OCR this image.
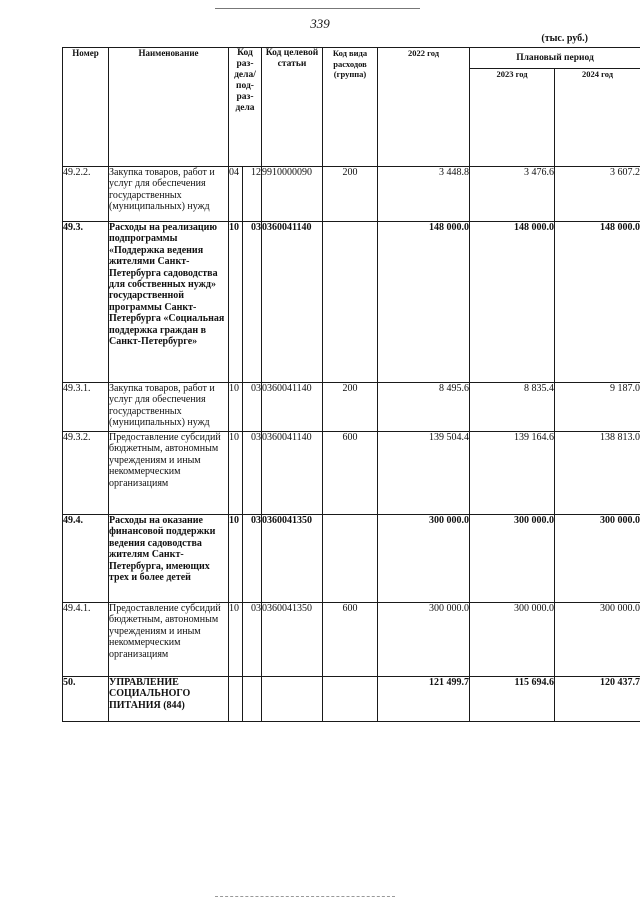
339
(тыс. руб.)
Номер	Наименование	Код раз-дела/ под-раз-дела		Код целевой статьи	Код вида расходов (группа)	2022 год	Плановый период	
							2023 год	2024 год
49.2.2.	Закупка товаров, работ и услуг для обеспечения государственных (муниципальных) нужд	04	12	9910000090	200	3 448.8	3 476.6	3 607.2
49.3.	Расходы на реализацию подпрограммы «Поддержка ведения жителями Санкт-Петербурга садоводства для собственных нужд» государственной программы Санкт-Петербурга «Социальная поддержка граждан в Санкт-Петербурге»	10	03	0360041140		148 000.0	148 000.0	148 000.0
49.3.1.	Закупка товаров, работ и услуг для обеспечения государственных (муниципальных) нужд	10	03	0360041140	200	8 495.6	8 835.4	9 187.0
49.3.2.	Предоставление субсидий бюджетным, автономным учреждениям и иным некоммерческим организациям	10	03	0360041140	600	139 504.4	139 164.6	138 813.0
49.4.	Расходы на оказание финансовой поддержки ведения садоводства жителям Санкт-Петербурга, имеющих трех и более детей	10	03	0360041350		300 000.0	300 000.0	300 000.0
49.4.1.	Предоставление субсидий бюджетным, автономным учреждениям и иным некоммерческим организациям	10	03	0360041350	600	300 000.0	300 000.0	300 000.0
50.	УПРАВЛЕНИЕ СОЦИАЛЬНОГО ПИТАНИЯ (844)					121 499.7	115 694.6	120 437.7
